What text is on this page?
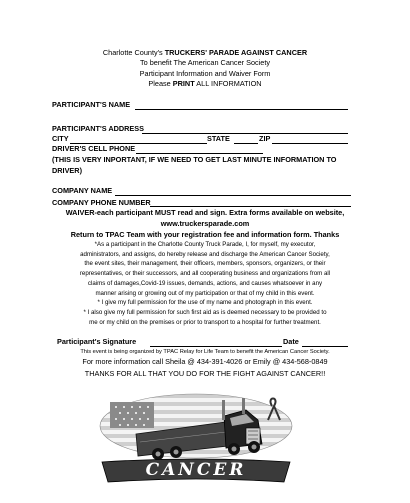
Charlotte County's TRUCKERS' PARADE AGAINST CANCER
To benefit The American Cancer Society
Participant Information and Waiver Form
Please PRINT ALL INFORMATION
PARTICIPANT'S NAME
PARTICIPANT'S ADDRESS
CITY	STATE	ZIP
DRIVER'S CELL PHONE
(THIS IS VERY INPORTANT, IF WE NEED TO GET LAST MINUTE INFORMATION TO
DRIVER)
COMPANY NAME
COMPANY PHONE NUMBER
WAIVER-each participant MUST read and sign. Extra forms available on website,
www.truckersparade.com
Return to TPAC Team with your registration fee and information form. Thanks
*As a participant in the Charlotte County Truck Parade, I, for myself, my executor,
administrators, and assigns, do hereby release and discharge the American Cancer Society,
the event sites, their management, their officers, members, sponsors, organizers, or their
representatives, or their successors, and all cooperating business and organizations from all
claims of damages,Covid-19 issues, demands, actions, and causes whatsoever in any
manner arising or growing out of my participation or that of my child in this event.
* I give my full permission for the use of my name and photograph in this event.
* I also give my full permission for such first aid as is deemed necessary to be provided to
me or my child on the premises or prior to transport to a hospital for further treatment.
Participant's Signature	Date
This event is being organized by TPAC Relay for Life Team to benefit the American Cancer Society.
For more information call Sheila @ 434-391-4026 or Emily @ 434-568-0849
THANKS FOR ALL THAT YOU DO FOR THE FIGHT AGAINST CANCER!!
CANCER
